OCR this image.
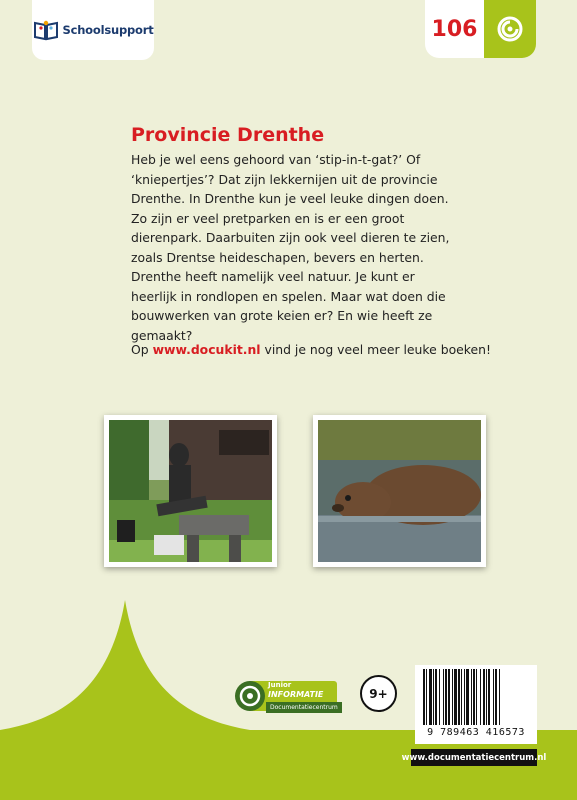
Schoolsupport	106
Provincie Drenthe

Heb je wel eens gehoord van ‘stip-in-t-gat?’ Of ‘kniepertjes’? Dat zijn lekkernijen uit de provincie Drenthe. In Drenthe kun je veel leuke dingen doen. Zo zijn er veel pretparken en is er een groot dierenpark. Daarbuiten zijn ook veel dieren te zien, zoals Drentse heideschapen, bevers en herten. Drenthe heeft namelijk veel natuur. Je kunt er heerlijk in rondlopen en spelen. Maar wat doen die bouwwerken van grote keien er? En wie heeft ze gemaakt?

Op www.docukit.nl vind je nog veel meer leuke boeken!

Junior
INFORMATIE
Documentatiecentrum
9+
9 789463 416573
www.documentatiecentrum.nl
